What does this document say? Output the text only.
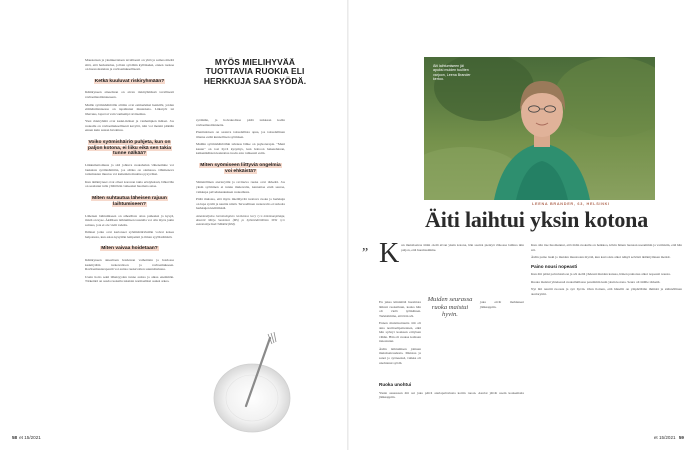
Maustetaan ja yksinkertaisen tavallisesti on yhtä ja samaa mieltä siitä, että herkuttelua, jolloin syödään kylläiseksi, ennen ruokaa on huonolaatuista ja ravitsemuksellisesti.

Ketkä kuuluvat riskiryhmään?

Ikääntyneen aineeltaan on aivan riskiryhmässä tavallisesti ravitsemustilanteeseen.

Muille syömishäiriöille alttiita ovat esimerkiksi henkilöt, joiden elämäntilanteessa on tapahtunut muutoksia. Liikatyöt tai lihavuus, lapsi tai vain vanhempi ravitsemus.

Yksi riskiryhmä ovat keski-ikäiset ja vanhempien ikäiset. Jos ruokailu on ravitsemuksellisesti kevyttä, niin voi mennä pitkään ennen kuin asiaan havahtuu.

Voiko syömishäiriö puhjeta, kun on paljon kotona, ei liiku eikä sen takia tunne nälkää?

Liikkumattomuus ja sitä johtuva ruokahalun vähenemine voi laukaista syömishäiriön, jos alttius on olemassa. Ohimeneva tottumusten muutos voi kuitenkin muuttua pysyväksi.

Kun ikääntyneet ovat olleet koronan takia eristyksissä, lähteville on saattanut tulla yllättävän vaikeaksi huomata asiaa.

Miten suhtautua läheisen rajuun laihtumiseen?

Läheisen laihtumiseen on aiheellista ottaa puheeksi ja kysyä, mistä on kyse. Äkillisen laihtumisen taustalla voi olla myös jokin sairaus, jota ei ole vielä todettu.

Ihmiset jotka ovat kertoneet syömishäiriöstään voivat kokea helpotusta, kun asiaa kysytään lempeästi ja ilman syyllistämistä.

Miten vaivaa hoidetaan?

Ikääntyneen aineeltaan hoidetaan vaiheittain ja hoidossa keskitytään ruokavalioon ja ravitsemukseen. Ravitsemusterapeutti voi auttaa ruokavalion suunnittelussa.

Usein hoito sekä läheisyyden tunne auttaa ja aikaa enemmän. Tärkeintä on saada ruokailu takaisin normaaliksi osaksi arkea.

MYÖS MIELIHYVÄÄ TUOTTAVIA RUOKIA ELI HERKKUJA SAA SYÖDÄ.

syömään, ja hoivakodissa pitää tarkkaan kodin ravitsemustilannetta.

Pienituloisen on saatava taloudellista apua, jos taloudellinen tilanne estää kunnollisen syömisen.

Muihin syömishäiriöihin tehokas lääke on psykoterapia. "Meni kauan" on tosi hyvä kysymys, kun hoitoon hakeudutaan, kaikenikäisten kannattaa tuoda asia rohkeasti esiin.

Miten syömiseen liittyviä ongelmia voi ehkäistä?

Säännöllinen ateriarytmi ja ravitseva ruoka ovat tärkeitä. Jos yksin syöminen ei tunnu mukavalta, kannattaa etsiä seuraa, vaikkapa palvelukeskuksen ruokailusta.

Pitää muistaa, että myös mielihyvää tuottava ruoka ja herkkuja on lupa syödä ja nauttia niistä. Terveellinen ruokavalio ei tarkoita herkkujen kieltämistä.

Asiantuntijoina Gerontologinen ravitsemus Gery ry:n toiminnanjohtaja, dosentti Merja Suominen (MS) ja Syömishäiriöliiton SYLI ry:n asiantuntija Katri Mikkilä (KM).

58 et 15/2021
Äiti laihtumiseen jäi apuksi muiden tuuliten varjoon, Leena Brander kertoo.
LEENA BRANDER, 63, HELSINKI
Äiti laihtui yksin kotona
” K un muistisairas äitini oleili aivan yksin kotona, hän saattoi pientyä viikossa laihtua niin paljon, että huomasimme.

En jaksa kiinnittää huomiota äitinsä ruokailuun, koska hän oli vielä työikäinen. Tarkistimme, että hän söi.

Ennen muistisairautta äiti oli aina normaalipainoinen, eikä hän syönyt koskaan erityisen vähän. Hän oli ruokaa kohtaan innostunut.

Äidin laihtumisen johtuen muistisairaudesta. Muistaa ja sanoi jo syöneensä, vaikka oli unohtanut syödä.

Ruoka unohtui

Yksin asuessaan äiti sai joka päivä ateriapalvelusta kotiin ruoan. Ateriat jäivät usein koskematta jääkaappiin.

Muiden seurassa ruoka maistui hyvin.

joka eivät mahtuneet jääkaappiin.

Kun olin itse huomannut, että äidin ruokailu on heikkoa, kävin hänen luonaan useammin ja varmistin, että hän söi.

Äidin paino laski jo muiden muutosten myötä, kun kasvoista alkoi näkyä selvästi ikääntymisen merkit.

Paino nousi nopeasti

Kun äiti pääsi palvelutaloon ja söi siellä yhdessä muiden kanssa, hänen painonsa alkoi nopeasti nousta.

Ruoka maistui yhteisessä ruokailutilassa paremmin kuin yksin kotona. Seura oli äidille tärkeää.

Nyt äiti nauttii ruoasta ja syö hyvin. Olen iloinen, että hänellä on ympärillään ihmisiä ja säännöllinen ateriarytmi.

et 15/2021 59
